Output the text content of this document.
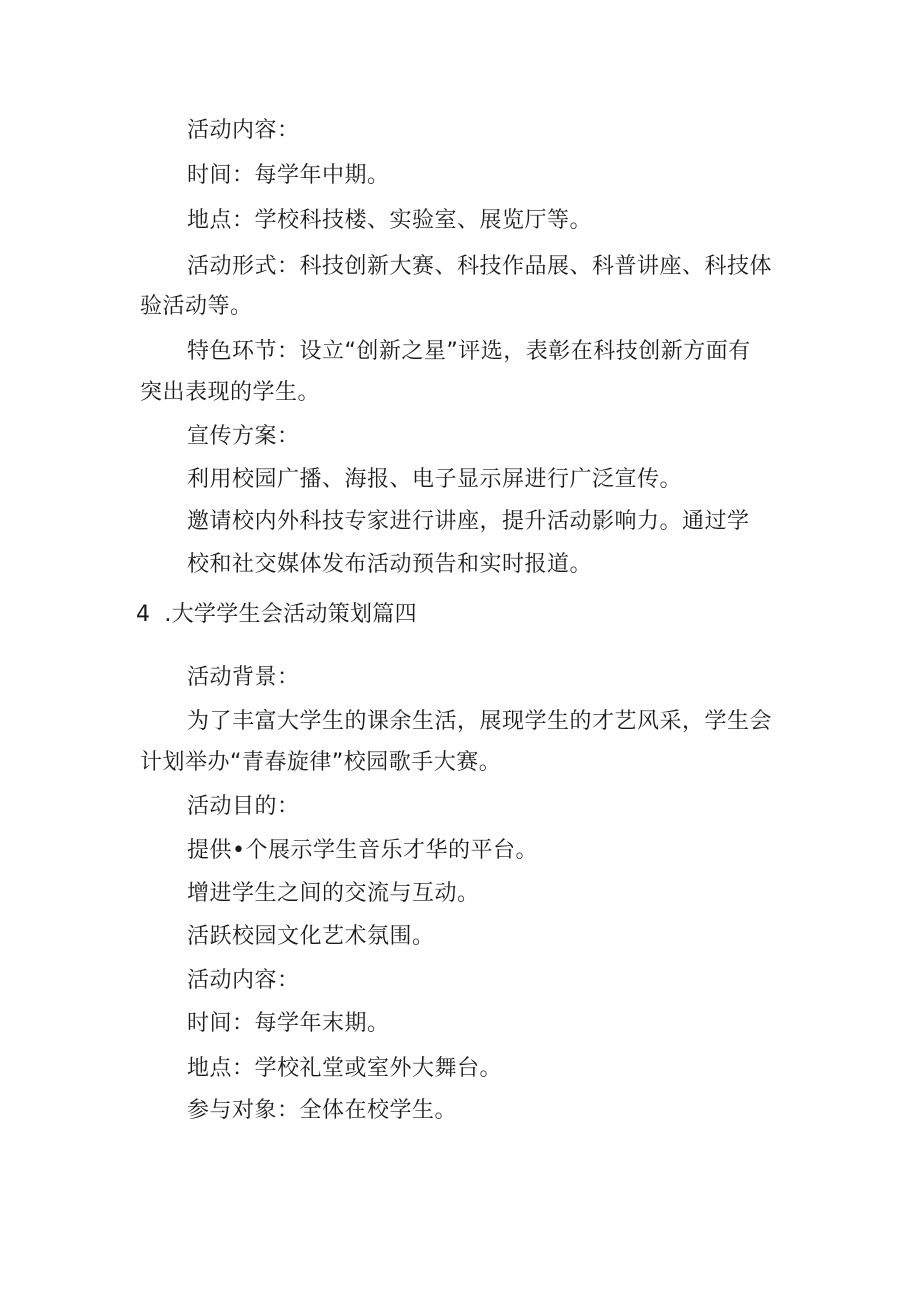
活动内容：
时间：每学年中期。
地点：学校科技楼、实验室、展览厅等。
活动形式：科技创新大赛、科技作品展、科普讲座、科技体
验活动等。
特色环节：设立“创新之星”评选，表彰在科技创新方面有
突出表现的学生。
宣传方案：
利用校园广播、海报、电子显示屏进行广泛宣传。
邀请校内外科技专家进行讲座，提升活动影响力。通过学
校和社交媒体发布活动预告和实时报道。
4 .大学学生会活动策划篇四
活动背景：
为了丰富大学生的课余生活，展现学生的才艺风采，学生会
计划举办“青春旋律”校园歌手大赛。
活动目的：
提供•个展示学生音乐才华的平台。
增进学生之间的交流与互动。
活跃校园文化艺术氛围。
活动内容：
时间：每学年末期。
地点：学校礼堂或室外大舞台。
参与对象：全体在校学生。
